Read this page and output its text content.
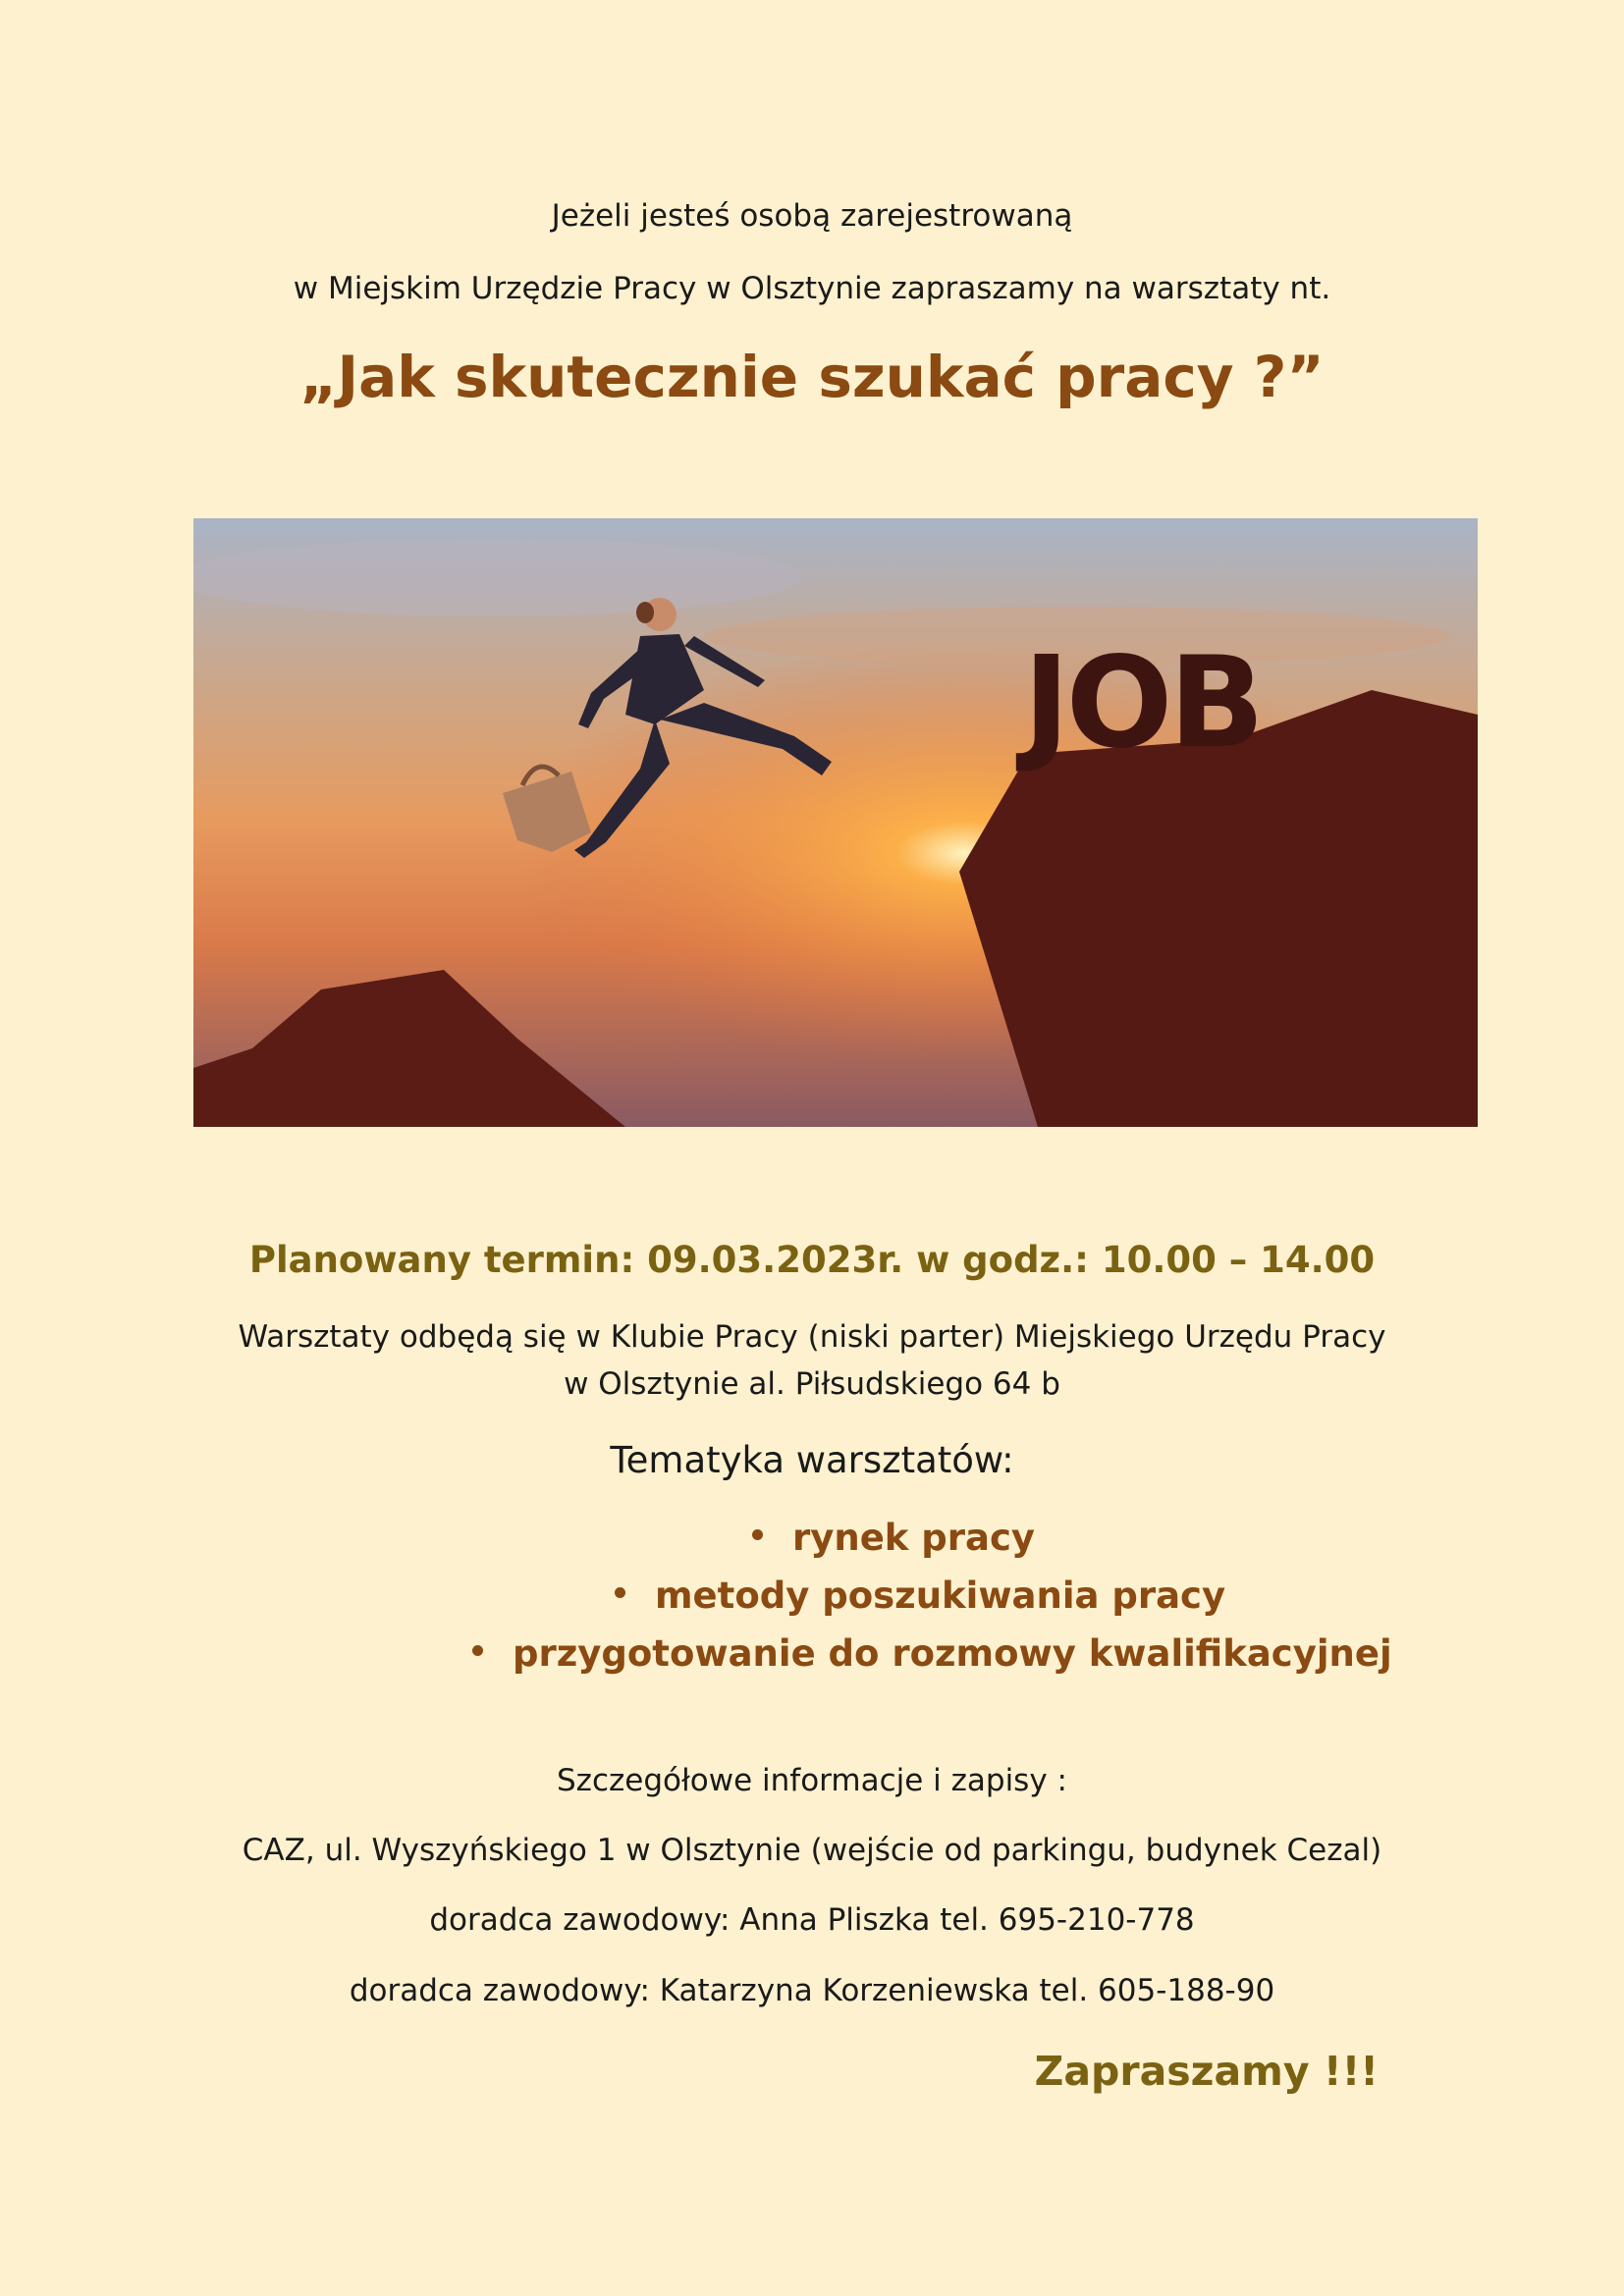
Jeżeli jesteś osobą zarejestrowaną
w Miejskim Urzędzie Pracy w Olsztynie zapraszamy na warsztaty nt.
„Jak skutecznie szukać pracy ?”
JOB
Planowany termin: 09.03.2023r. w godz.: 10.00 – 14.00
Warsztaty odbędą się w Klubie Pracy (niski parter) Miejskiego Urzędu Pracy
w Olsztynie al. Piłsudskiego 64 b
Tematyka warsztatów:
rynek pracy
metody poszukiwania pracy
przygotowanie do rozmowy kwalifikacyjnej
Szczegółowe informacje i zapisy :
CAZ, ul. Wyszyńskiego 1 w Olsztynie (wejście od parkingu, budynek Cezal)
doradca zawodowy: Anna Pliszka tel. 695-210-778
doradca zawodowy: Katarzyna Korzeniewska tel. 605-188-90
Zapraszamy !!!
